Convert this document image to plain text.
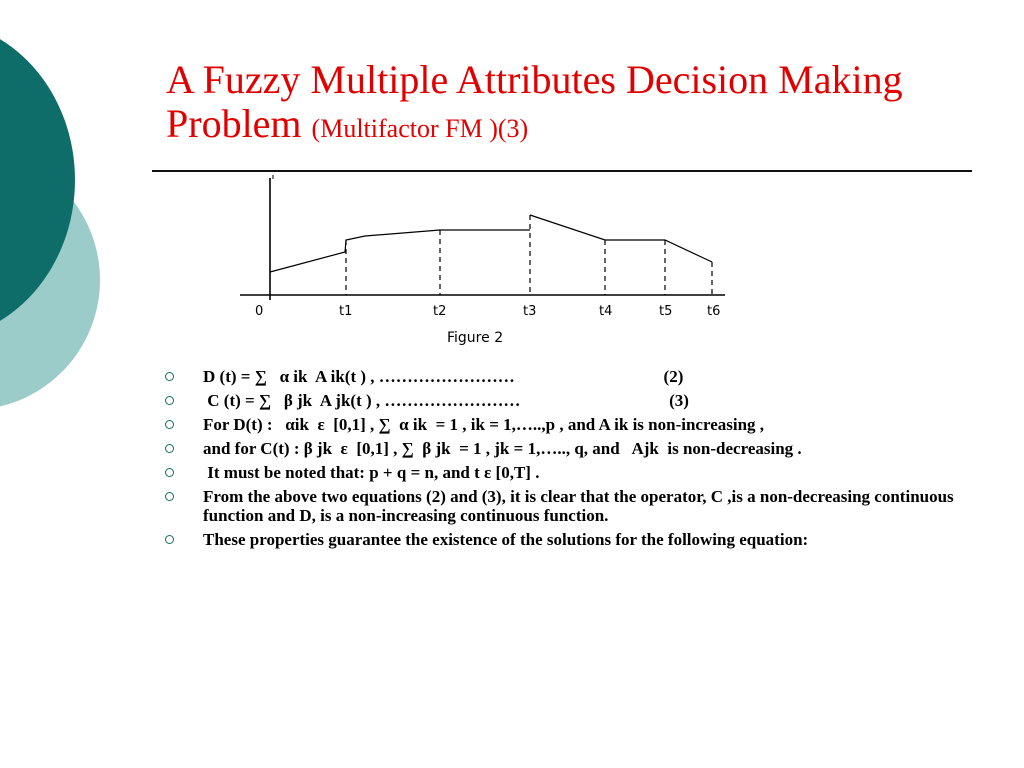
A Fuzzy Multiple Attributes Decision Making Problem (Multifactor FM )(3)
0	t1	t2	t3	t4	t5	t6
Figure 2
D (t) = ∑   α ik  A ik(t ) , ……………………                                   (2)
C (t) = ∑   β jk  A jk(t ) , ……………………                                   (3)
For D(t) :   αik  ε  [0,1] , ∑  α ik  = 1 , ik = 1,…..,p , and A ik is non-increasing ,
and for C(t) : β jk  ε  [0,1] , ∑  β jk  = 1 , jk = 1,….., q, and   Ajk  is non-decreasing .
It must be noted that: p + q = n, and t ε [0,T] .
From the above two equations (2) and (3), it is clear that the operator, C ,is a non-decreasing continuous function and D, is a non-increasing continuous function.
These properties guarantee the existence of the solutions for the following equation:
